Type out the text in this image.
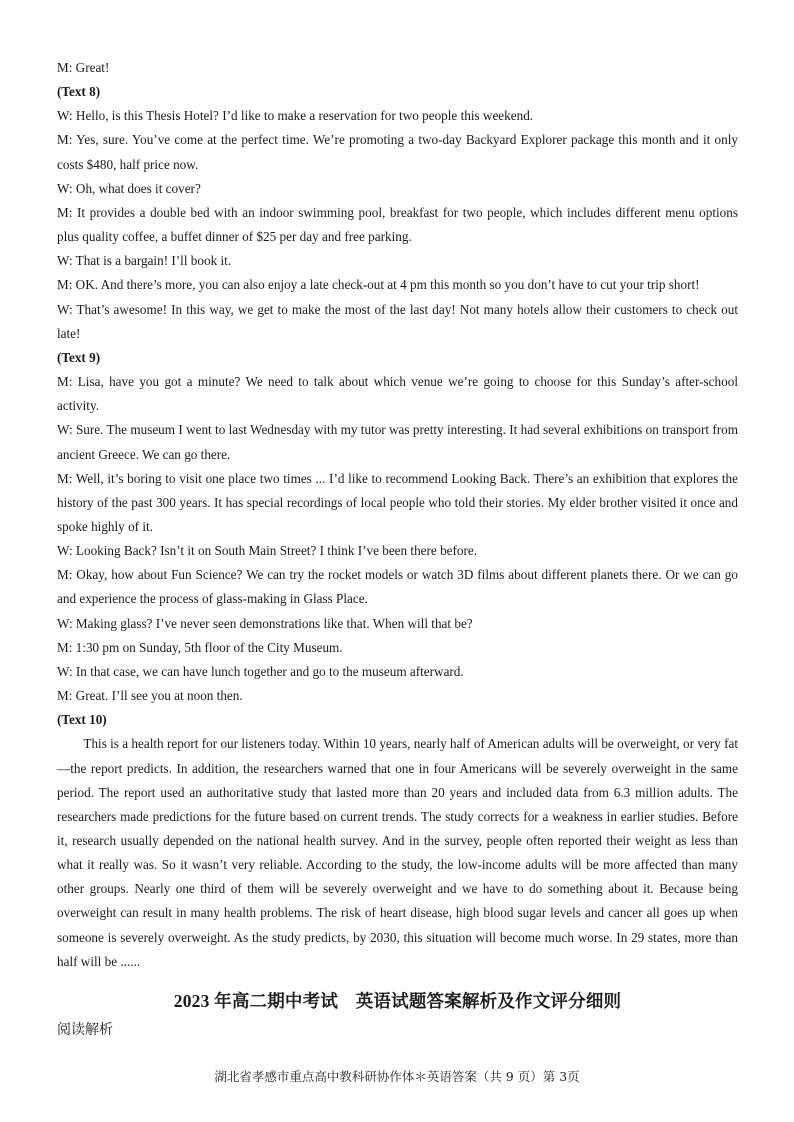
M: Great!

(Text 8)

W: Hello, is this Thesis Hotel? I’d like to make a reservation for two people this weekend.

M: Yes, sure. You’ve come at the perfect time. We’re promoting a two-day Backyard Explorer package this month and it only costs $480, half price now.

W: Oh, what does it cover?

M: It provides a double bed with an indoor swimming pool, breakfast for two people, which includes different menu options plus quality coffee, a buffet dinner of $25 per day and free parking.

W: That is a bargain! I’ll book it.

M: OK. And there’s more, you can also enjoy a late check-out at 4 pm this month so you don’t have to cut your trip short!

W: That’s awesome! In this way, we get to make the most of the last day! Not many hotels allow their customers to check out late!

(Text 9)

M: Lisa, have you got a minute? We need to talk about which venue we’re going to choose for this Sunday’s after-school activity.

W: Sure. The museum I went to last Wednesday with my tutor was pretty interesting. It had several exhibitions on transport from ancient Greece. We can go there.

M: Well, it’s boring to visit one place two times ... I’d like to recommend Looking Back. There’s an exhibition that explores the history of the past 300 years. It has special recordings of local people who told their stories. My elder brother visited it once and spoke highly of it.

W: Looking Back? Isn’t it on South Main Street? I think I’ve been there before.

M: Okay, how about Fun Science? We can try the rocket models or watch 3D films about different planets there. Or we can go and experience the process of glass-making in Glass Place.

W: Making glass? I’ve never seen demonstrations like that. When will that be?

M: 1:30 pm on Sunday, 5th floor of the City Museum.

W: In that case, we can have lunch together and go to the museum afterward.

M: Great. I’ll see you at noon then.

(Text 10)

This is a health report for our listeners today. Within 10 years, nearly half of American adults will be overweight, or very fat—the report predicts. In addition, the researchers warned that one in four Americans will be severely overweight in the same period. The report used an authoritative study that lasted more than 20 years and included data from 6.3 million adults. The researchers made predictions for the future based on current trends. The study corrects for a weakness in earlier studies. Before it, research usually depended on the national health survey. And in the survey, people often reported their weight as less than what it really was. So it wasn’t very reliable. According to the study, the low-income adults will be more affected than many other groups. Nearly one third of them will be severely overweight and we have to do something about it. Because being overweight can result in many health problems. The risk of heart disease, high blood sugar levels and cancer all goes up when someone is severely overweight. As the study predicts, by 2030, this situation will become much worse. In 29 states, more than half will be ......

2023 年高二期中考试　英语试题答案解析及作文评分细则
阅读解析
湖北省孝感市重点高中教科研协作体＊英语答案（共 9 页）第 3页
